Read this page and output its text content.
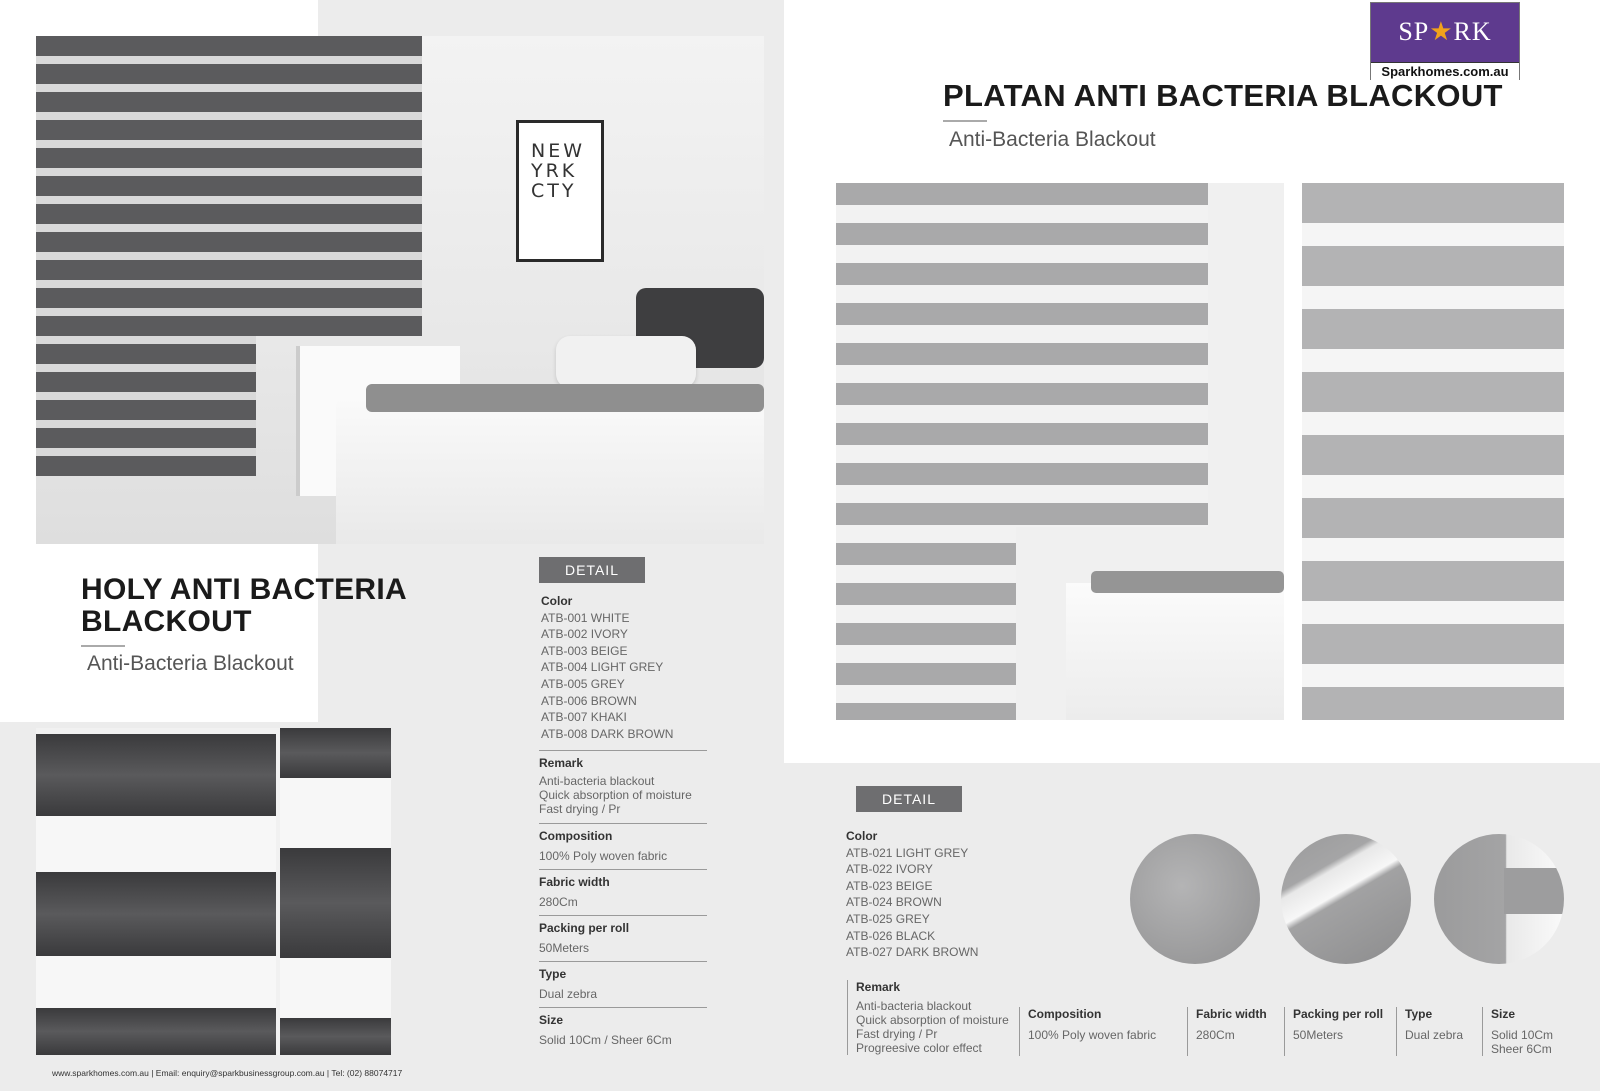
NEW
YRK
CTY
SP★RK
Sparkhomes.com.au
PLATAN ANTI BACTERIA BLACKOUT
Anti-Bacteria Blackout
HOLY ANTI BACTERIA
BLACKOUT
Anti-Bacteria Blackout
DETAIL
Color
ATB-001 WHITE
ATB-002 IVORY
ATB-003 BEIGE
ATB-004 LIGHT GREY
ATB-005 GREY
ATB-006 BROWN
ATB-007 KHAKI
ATB-008 DARK BROWN
Remark
Anti-bacteria blackout
Quick absorption of moisture
Fast drying / Pr
Composition
100% Poly woven fabric
Fabric width
280Cm
Packing per roll
50Meters
Type
Dual zebra
Size
Solid 10Cm / Sheer 6Cm
DETAIL
Color
ATB-021 LIGHT GREY
ATB-022 IVORY
ATB-023 BEIGE
ATB-024 BROWN
ATB-025 GREY
ATB-026 BLACK
ATB-027 DARK BROWN
Remark
Anti-bacteria blackout
Quick absorption of moisture
Fast drying / Pr
Progreesive color effect
Composition
100% Poly woven fabric
Fabric width
280Cm
Packing per roll
50Meters
Type
Dual zebra
Size
Solid 10Cm
Sheer 6Cm
www.sparkhomes.com.au | Email: enquiry@sparkbusinessgroup.com.au | Tel: (02) 88074717
